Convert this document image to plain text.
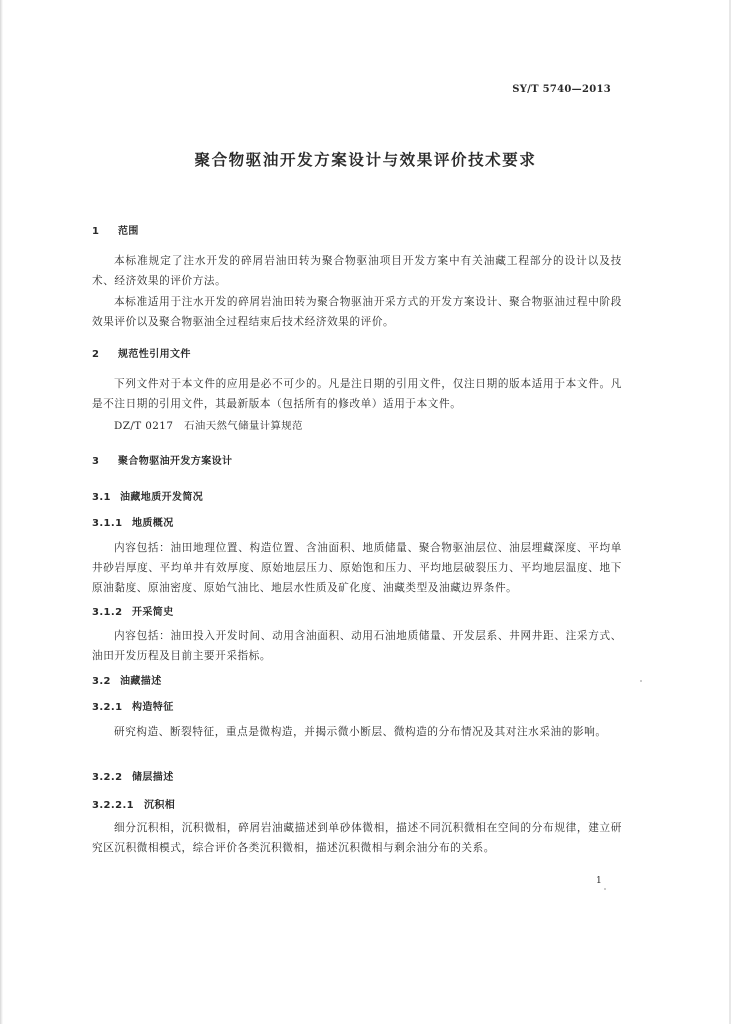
SY/T 5740—2013
聚合物驱油开发方案设计与效果评价技术要求
1 范围
本标准规定了注水开发的碎屑岩油田转为聚合物驱油项目开发方案中有关油藏工程部分的设计以及技术、经济效果的评价方法。
本标准适用于注水开发的碎屑岩油田转为聚合物驱油开采方式的开发方案设计、聚合物驱油过程中阶段效果评价以及聚合物驱油全过程结束后技术经济效果的评价。
2 规范性引用文件
下列文件对于本文件的应用是必不可少的。凡是注日期的引用文件，仅注日期的版本适用于本文件。凡是不注日期的引用文件，其最新版本（包括所有的修改单）适用于本文件。
DZ/T 0217　石油天然气储量计算规范
3 聚合物驱油开发方案设计
3.1 油藏地质开发简况
3.1.1 地质概况
内容包括：油田地理位置、构造位置、含油面积、地质储量、聚合物驱油层位、油层埋藏深度、平均单井砂岩厚度、平均单井有效厚度、原始地层压力、原始饱和压力、平均地层破裂压力、平均地层温度、地下原油黏度、原油密度、原始气油比、地层水性质及矿化度、油藏类型及油藏边界条件。
3.1.2 开采简史
内容包括：油田投入开发时间、动用含油面积、动用石油地质储量、开发层系、井网井距、注采方式、油田开发历程及目前主要开采指标。
3.2 油藏描述
3.2.1 构造特征
研究构造、断裂特征，重点是微构造，并揭示微小断层、微构造的分布情况及其对注水采油的影响。
3.2.2 储层描述
3.2.2.1 沉积相
细分沉积相，沉积微相，碎屑岩油藏描述到单砂体微相，描述不同沉积微相在空间的分布规律，建立研究区沉积微相模式，综合评价各类沉积微相，描述沉积微相与剩余油分布的关系。
1
